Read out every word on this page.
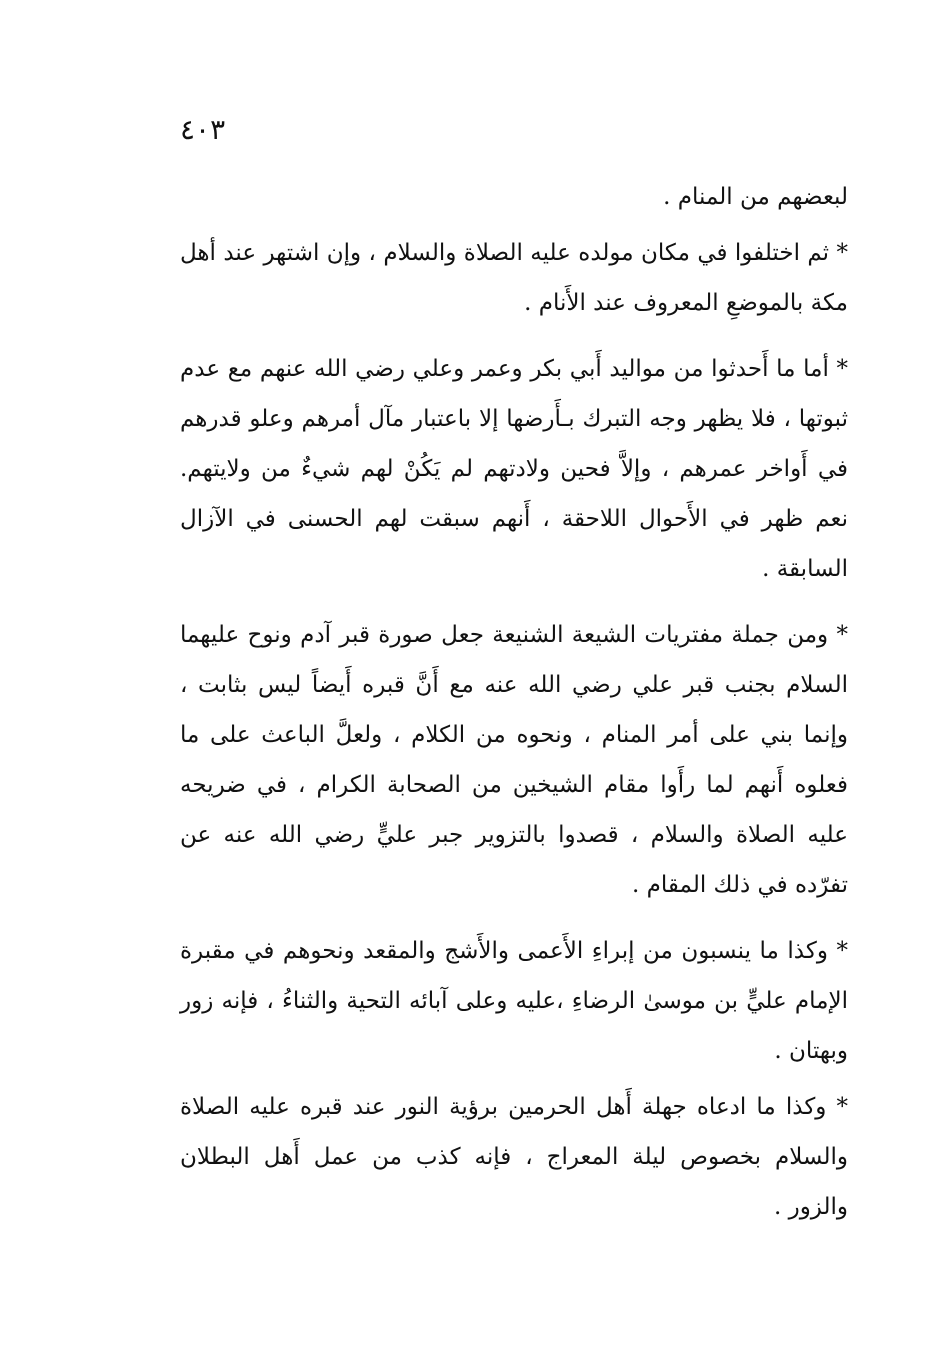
٤٠٣

لبعضهم من المنام .

* ثم اختلفوا في مكان مولده عليه الصلاة والسلام ، وإن اشتهر عند أهل مكة بالموضعِ المعروف عند الأَنام .

* أما ما أَحدثوا من مواليد أَبي بكر وعمر وعلي رضي الله عنهم مع عدم ثبوتها ، فلا يظهر وجه التبرك بـأَرضها إلا باعتبار مآل أمرهم وعلو قدرهم في أَواخر عمرهم ، وإلاَّ فحين ولادتهم لم يَكُنْ لهم شيءٌ من ولايتهم. نعم ظهر في الأَحوال اللاحقة ، أَنهم سبقت لهم الحسنى في الآزال السابقة .

* ومن جملة مفتريات الشيعة الشنيعة جعل صورة قبر آدم ونوح عليهما السلام بجنب قبر علي رضي الله عنه مع أَنَّ قبره أَيضاً ليس بثابت ، وإنما بني على أمر المنام ، ونحوه من الكلام ، ولعلَّ الباعث على ما فعلوه أَنهم لما رأَوا مقام الشيخين من الصحابة الكرام ، في ضريحه عليه الصلاة والسلام ، قصدوا بالتزوير جبر عليٍّ رضي الله عنه عن تفرّده في ذلك المقام .

* وكذا ما ينسبون من إبراءِ الأَعمى والأَشج والمقعد ونحوهم في مقبرة الإمام عليٍّ بن موسىٰ الرضاءِ ،عليه وعلى آبائه التحية والثناءُ ، فإنه زور وبهتان .

* وكذا ما ادعاه جهلة أَهل الحرمين برؤية النور عند قبره عليه الصلاة والسلام بخصوص ليلة المعراج ، فإنه كذب من عمل أَهل البطلان والزور .
